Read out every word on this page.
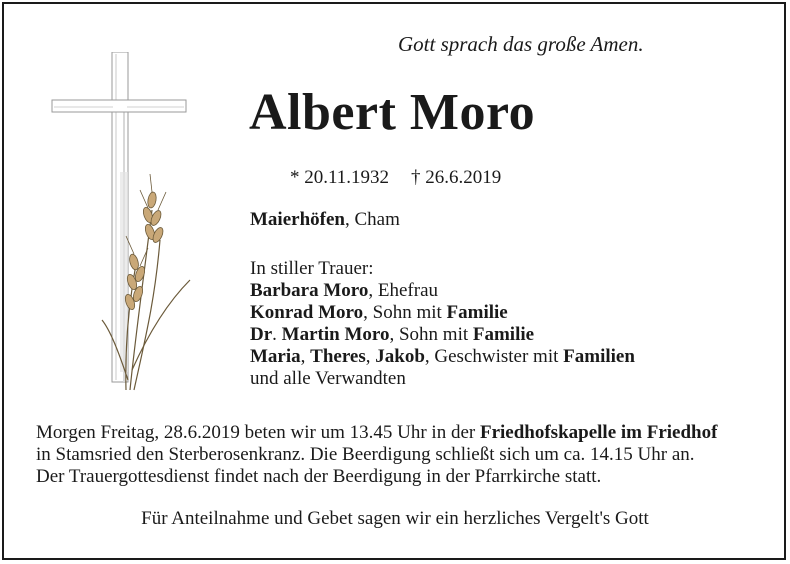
Gott sprach das große Amen.
Albert Moro
* 20.11.1932 † 26.6.2019
Maierhöfen, Cham
In stiller Trauer:
Barbara Moro, Ehefrau
Konrad Moro, Sohn mit Familie
Dr. Martin Moro, Sohn mit Familie
Maria, Theres, Jakob, Geschwister mit Familien
und alle Verwandten
Morgen Freitag, 28.6.2019 beten wir um 13.45 Uhr in der Friedhofskapelle im Friedhof
in Stamsried den Sterberosenkranz. Die Beerdigung schließt sich um ca. 14.15 Uhr an.
Der Trauergottesdienst findet nach der Beerdigung in der Pfarrkirche statt.
Für Anteilnahme und Gebet sagen wir ein herzliches Vergelt's Gott
